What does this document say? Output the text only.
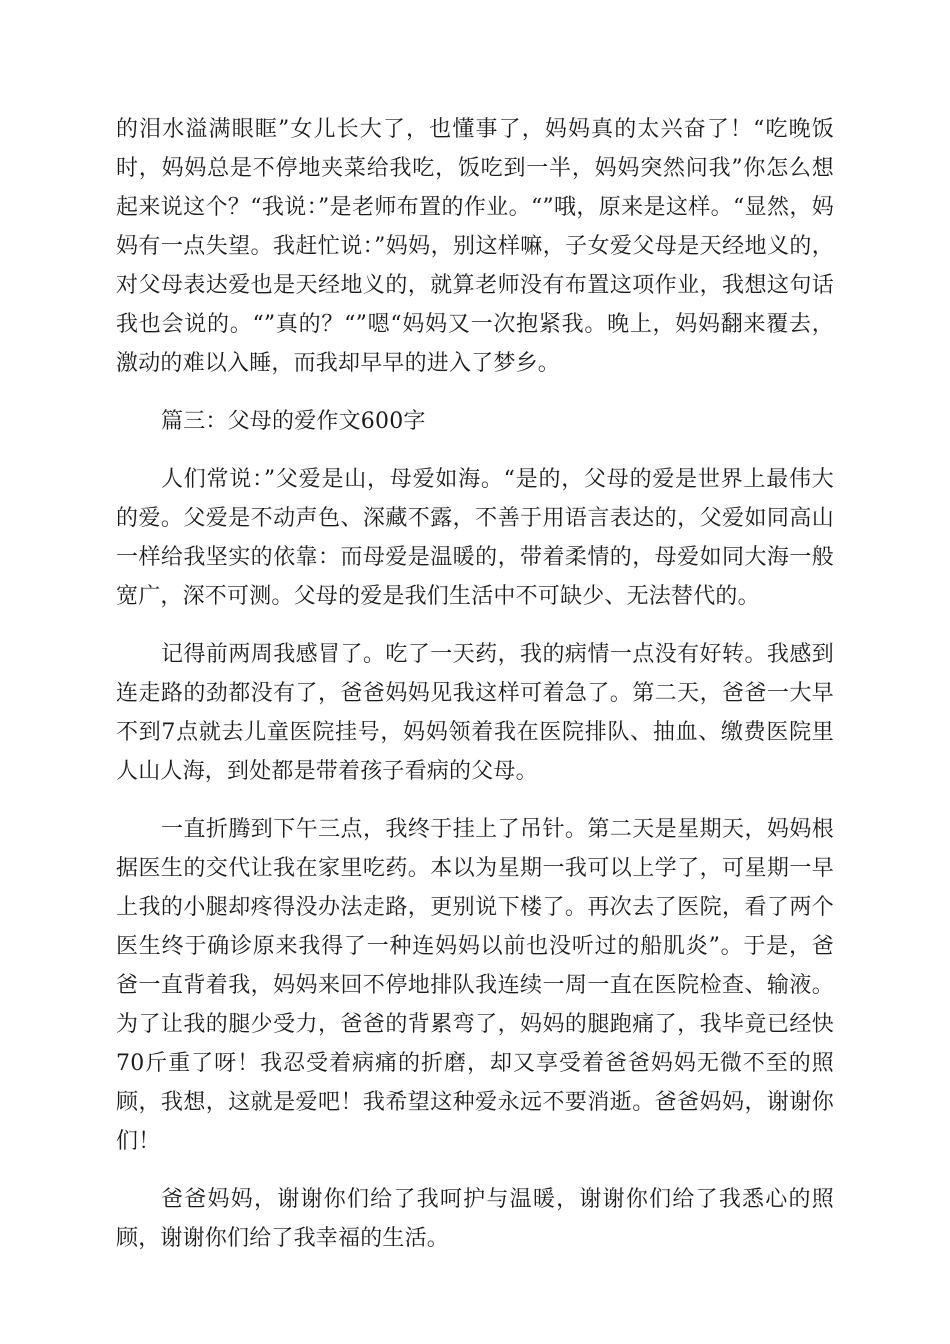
的泪水溢满眼眶”女儿长大了，也懂事了，妈妈真的太兴奋了！“吃晚饭时，妈妈总是不停地夹菜给我吃，饭吃到一半，妈妈突然问我”你怎么想起来说这个？“我说：”是老师布置的作业。“”哦，原来是这样。“显然，妈妈有一点失望。我赶忙说：”妈妈，别这样嘛，子女爱父母是天经地义的，对父母表达爱也是天经地义的，就算老师没有布置这项作业，我想这句话我也会说的。“”真的？“”嗯“妈妈又一次抱紧我。晚上，妈妈翻来覆去，激动的难以入睡，而我却早早的进入了梦乡。

篇三：父母的爱作文600字

人们常说：”父爱是山，母爱如海。“是的，父母的爱是世界上最伟大的爱。父爱是不动声色、深藏不露，不善于用语言表达的，父爱如同高山一样给我坚实的依靠：而母爱是温暖的，带着柔情的，母爱如同大海一般宽广，深不可测。父母的爱是我们生活中不可缺少、无法替代的。

记得前两周我感冒了。吃了一天药，我的病情一点没有好转。我感到连走路的劲都没有了，爸爸妈妈见我这样可着急了。第二天，爸爸一大早不到7点就去儿童医院挂号，妈妈领着我在医院排队、抽血、缴费医院里人山人海，到处都是带着孩子看病的父母。

一直折腾到下午三点，我终于挂上了吊针。第二天是星期天，妈妈根据医生的交代让我在家里吃药。本以为星期一我可以上学了，可星期一早上我的小腿却疼得没办法走路，更别说下楼了。再次去了医院，看了两个医生终于确诊原来我得了一种连妈妈以前也没听过的船肌炎”。于是，爸爸一直背着我，妈妈来回不停地排队我连续一周一直在医院检查、输液。为了让我的腿少受力，爸爸的背累弯了，妈妈的腿跑痛了，我毕竟已经快70斤重了呀！我忍受着病痛的折磨，却又享受着爸爸妈妈无微不至的照顾，我想，这就是爱吧！我希望这种爱永远不要消逝。爸爸妈妈，谢谢你们！

爸爸妈妈，谢谢你们给了我呵护与温暖，谢谢你们给了我悉心的照顾，谢谢你们给了我幸福的生活。
